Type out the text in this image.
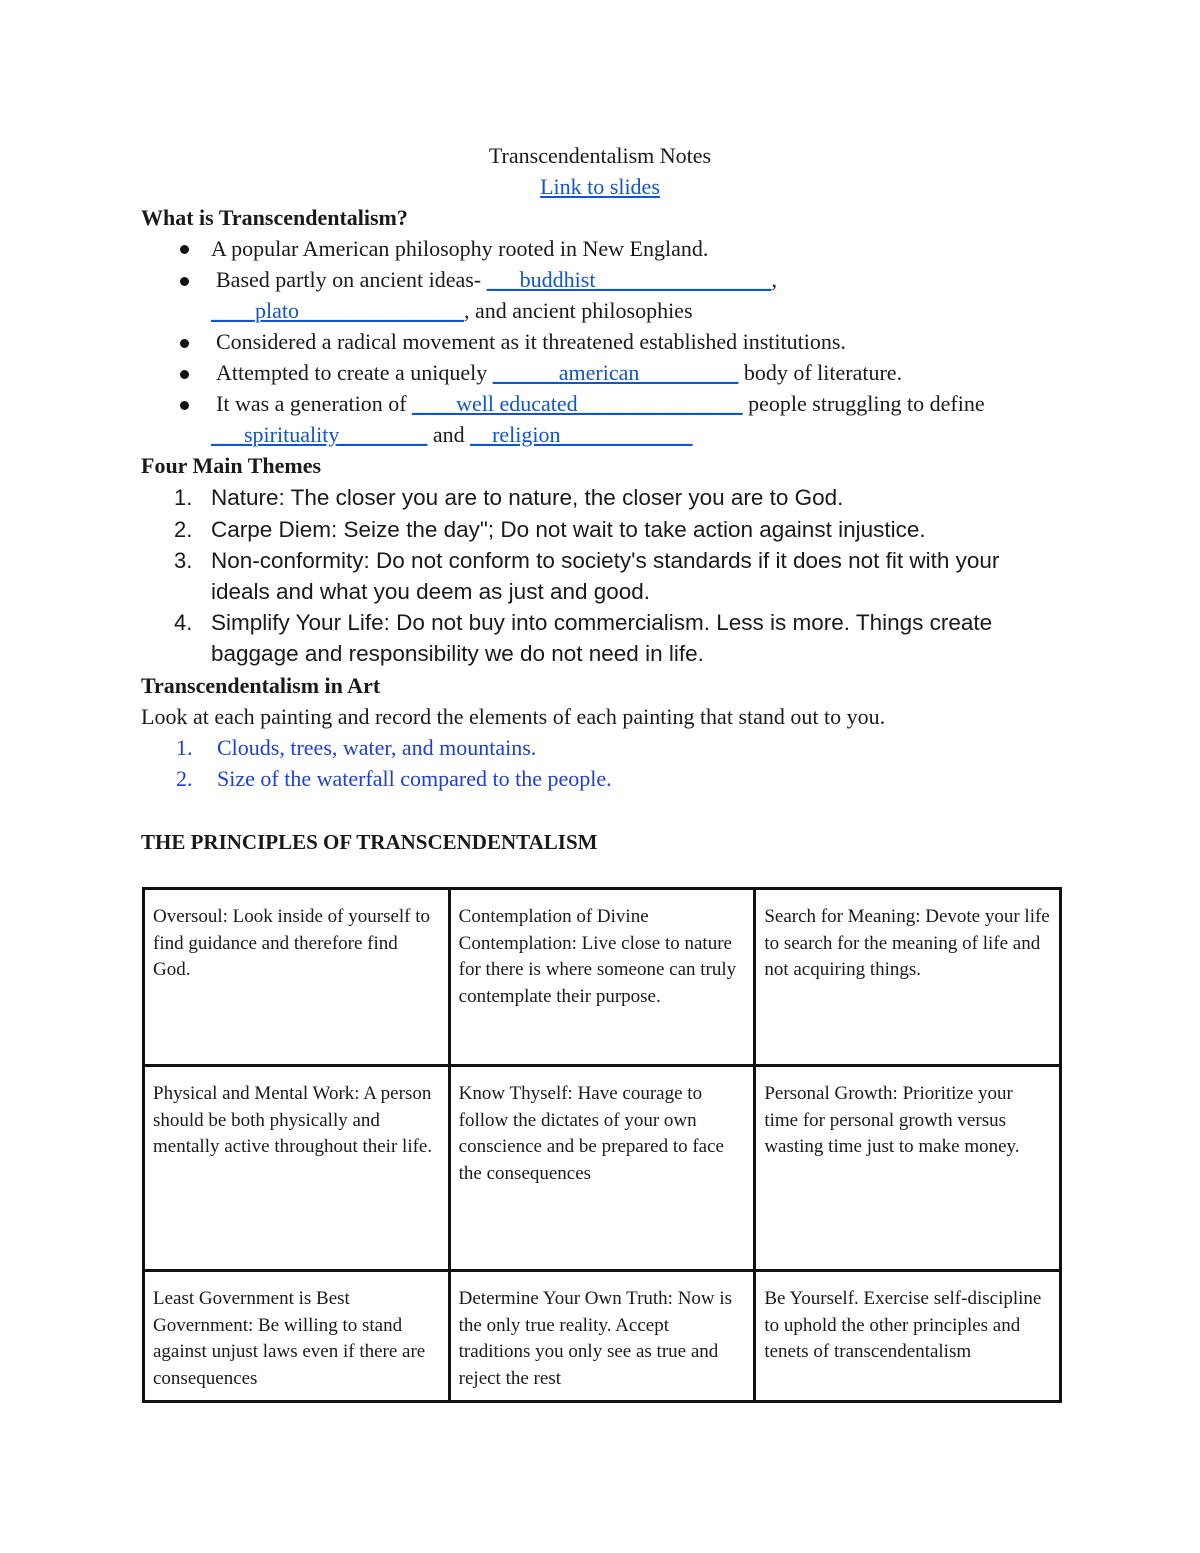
Transcendentalism Notes
Link to slides
What is Transcendentalism?
A popular American philosophy rooted in New England.
Based partly on ancient ideas- ___buddhist________________,
____plato_______________, and ancient philosophies
Considered a radical movement as it threatened established institutions.
Attempted to create a uniquely ______american_________ body of literature.
It was a generation of ____well educated_______________ people struggling to define
___spirituality________ and __religion____________
Four Main Themes
1. Nature: The closer you are to nature, the closer you are to God.
2. Carpe Diem: Seize the day"; Do not wait to take action against injustice.
3. Non-conformity: Do not conform to society's standards if it does not fit with your
ideals and what you deem as just and good.
4. Simplify Your Life: Do not buy into commercialism. Less is more. Things create
baggage and responsibility we do not need in life.
Transcendentalism in Art
Look at each painting and record the elements of each painting that stand out to you.
1. Clouds, trees, water, and mountains.
2. Size of the waterfall compared to the people.
THE PRINCIPLES OF TRANSCENDENTALISM
Oversoul: Look inside of yourself to find guidance and therefore find God.	Contemplation of Divine Contemplation: Live close to nature for there is where someone can truly contemplate their purpose.	Search for Meaning: Devote your life to search for the meaning of life and not acquiring things.
Physical and Mental Work: A person should be both physically and mentally active throughout their life.	Know Thyself: Have courage to follow the dictates of your own conscience and be prepared to face the consequences	Personal Growth: Prioritize your time for personal growth versus wasting time just to make money.
Least Government is Best Government: Be willing to stand against unjust laws even if there are consequences	Determine Your Own Truth: Now is the only true reality. Accept traditions you only see as true and reject the rest	Be Yourself. Exercise self-discipline to uphold the other principles and tenets of transcendentalism
